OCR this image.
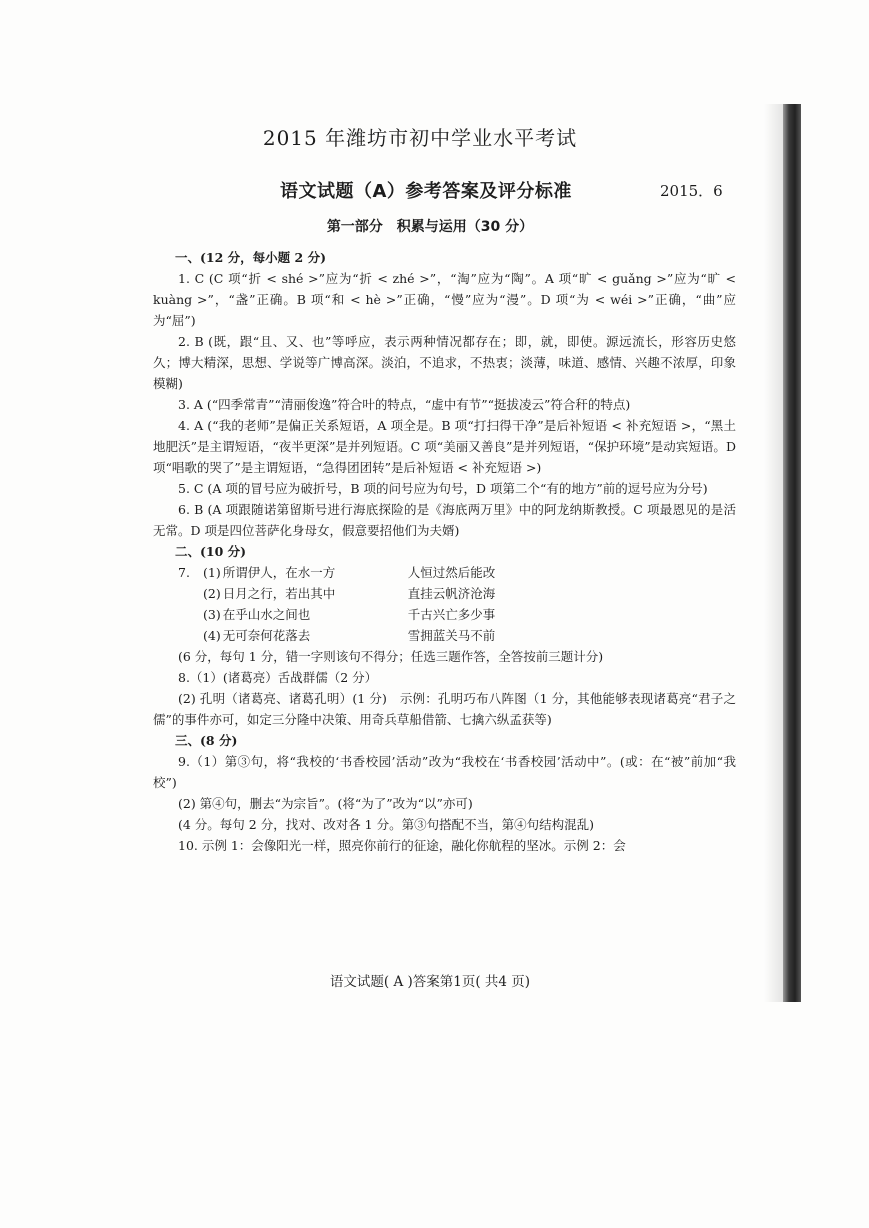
2015 年潍坊市初中学业水平考试
语文试题（A）参考答案及评分标准	2015．6
第一部分　积累与运用（30 分）

一、(12 分，每小题 2 分)

1. C (C 项“折 < shé >”应为“折 < zhé >”，“淘”应为“陶”。A 项“旷 < guǎng >”应为“旷 < kuàng >”，“盏”正确。B 项“和 < hè >”正确，“慢”应为“漫”。D 项“为 < wéi >”正确，“曲”应为“屈”)

2. B (既，跟“且、又、也”等呼应，表示两种情况都存在；即，就，即使。源远流长，形容历史悠久；博大精深，思想、学说等广博高深。淡泊，不追求，不热衷；淡薄，味道、感情、兴趣不浓厚，印象模糊)

3. A (“四季常青”“清丽俊逸”符合叶的特点，“虚中有节”“挺拔凌云”符合秆的特点)

4. A (“我的老师”是偏正关系短语，A 项全是。B 项“打扫得干净”是后补短语 < 补充短语 >，“黑土地肥沃”是主谓短语，“夜半更深”是并列短语。C 项“美丽又善良”是并列短语，“保护环境”是动宾短语。D 项“唱歌的哭了”是主谓短语，“急得团团转”是后补短语 < 补充短语 >)

5. C (A 项的冒号应为破折号，B 项的问号应为句号，D 项第二个“有的地方”前的逗号应为分号)

6. B (A 项跟随诺第留斯号进行海底探险的是《海底两万里》中的阿龙纳斯教授。C 项最恩见的是活无常。D 项是四位菩萨化身母女，假意要招他们为夫婿)

二、(10 分)

7.	(1) 所谓伊人，在水一方	人恒过然后能改
(2) 日月之行，若出其中	直挂云帆济沧海
(3) 在乎山水之间也	千古兴亡多少事
(4) 无可奈何花落去	雪拥蓝关马不前

(6 分，每句 1 分，错一字则该句不得分；任选三题作答，全答按前三题计分)

8.（1）(诸葛亮）舌战群儒（2 分）

(2) 孔明（诸葛亮、诸葛孔明）(1 分)　示例：孔明巧布八阵图（1 分，其他能够表现诸葛亮“君子之儒”的事件亦可，如定三分隆中决策、用奇兵草船借箭、七擒六纵孟获等)

三、(8 分)

9.（1）第③句，将“我校的‘书香校园’活动”改为“我校在‘书香校园’活动中”。(或：在“被”前加“我校”)

(2) 第④句，删去“为宗旨”。(将“为了”改为“以”亦可)

(4 分。每句 2 分，找对、改对各 1 分。第③句搭配不当，第④句结构混乱)

10. 示例 1：会像阳光一样，照亮你前行的征途，融化你航程的坚冰。示例 2：会

语文试题( A )答案第1页( 共4 页)
